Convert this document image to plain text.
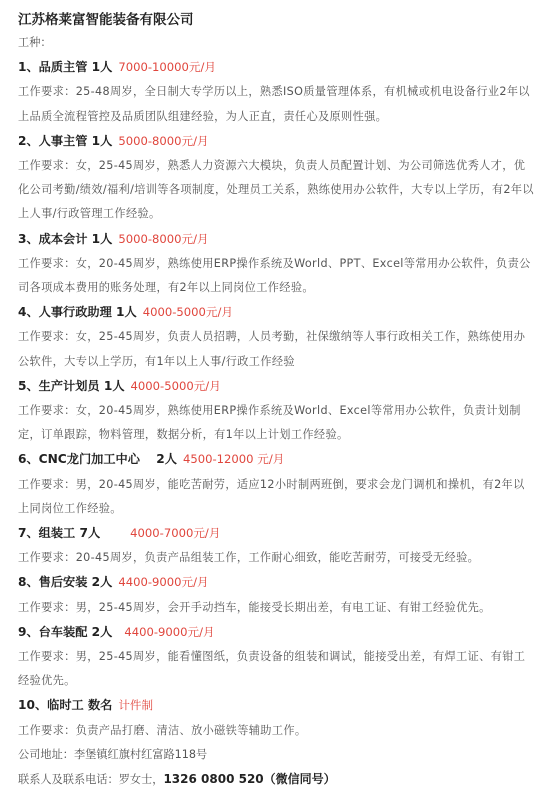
江苏格莱富智能装备有限公司
工种：
1、品质主管 1人 7000-10000元/月
工作要求：25-48周岁，全日制大专学历以上，熟悉ISO质量管理体系，有机械或机电设备行业2年以上品质全流程管控及品质团队组建经验，为人正直，责任心及原则性强。
2、人事主管 1人 5000-8000元/月
工作要求：女，25-45周岁，熟悉人力资源六大模块，负责人员配置计划、为公司筛选优秀人才，优化公司考勤/绩效/福利/培训等各项制度，处理员工关系，熟练使用办公软件，大专以上学历，有2年以上人事/行政管理工作经验。
3、成本会计 1人 5000-8000元/月
工作要求：女，20-45周岁，熟练使用ERP操作系统及World、PPT、Excel等常用办公软件，负责公司各项成本费用的账务处理，有2年以上同岗位工作经验。
4、人事行政助理 1人 4000-5000元/月
工作要求：女，25-45周岁，负责人员招聘，人员考勤，社保缴纳等人事行政相关工作，熟练使用办公软件，大专以上学历，有1年以上人事/行政工作经验
5、生产计划员 1人 4000-5000元/月
工作要求：女，20-45周岁，熟练使用ERP操作系统及World、Excel等常用办公软件，负责计划制定，订单跟踪，物料管理，数据分析，有1年以上计划工作经验。
6、CNC龙门加工中心　 2人 4500-12000 元/月
工作要求：男，20-45周岁，能吃苦耐劳，适应12小时制两班倒，要求会龙门调机和操机，有2年以上同岗位工作经验。
7、组装工 7人	4000-7000元/月
工作要求：20-45周岁，负责产品组装工作，工作耐心细致，能吃苦耐劳，可接受无经验。
8、售后安装 2人 4400-9000元/月
工作要求：男，25-45周岁，会开手动挡车，能接受长期出差，有电工证、有钳工经验优先。
9、台车装配 2人 4400-9000元/月
工作要求：男，25-45周岁，能看懂图纸，负责设备的组装和调试，能接受出差，有焊工证、有钳工经验优先。
10、临时工 数名 计件制
工作要求：负责产品打磨、清洁、放小磁铁等辅助工作。
公司地址：李堡镇红旗村红富路118号
联系人及联系电话：罗女士，1326 0800 520（微信同号）
